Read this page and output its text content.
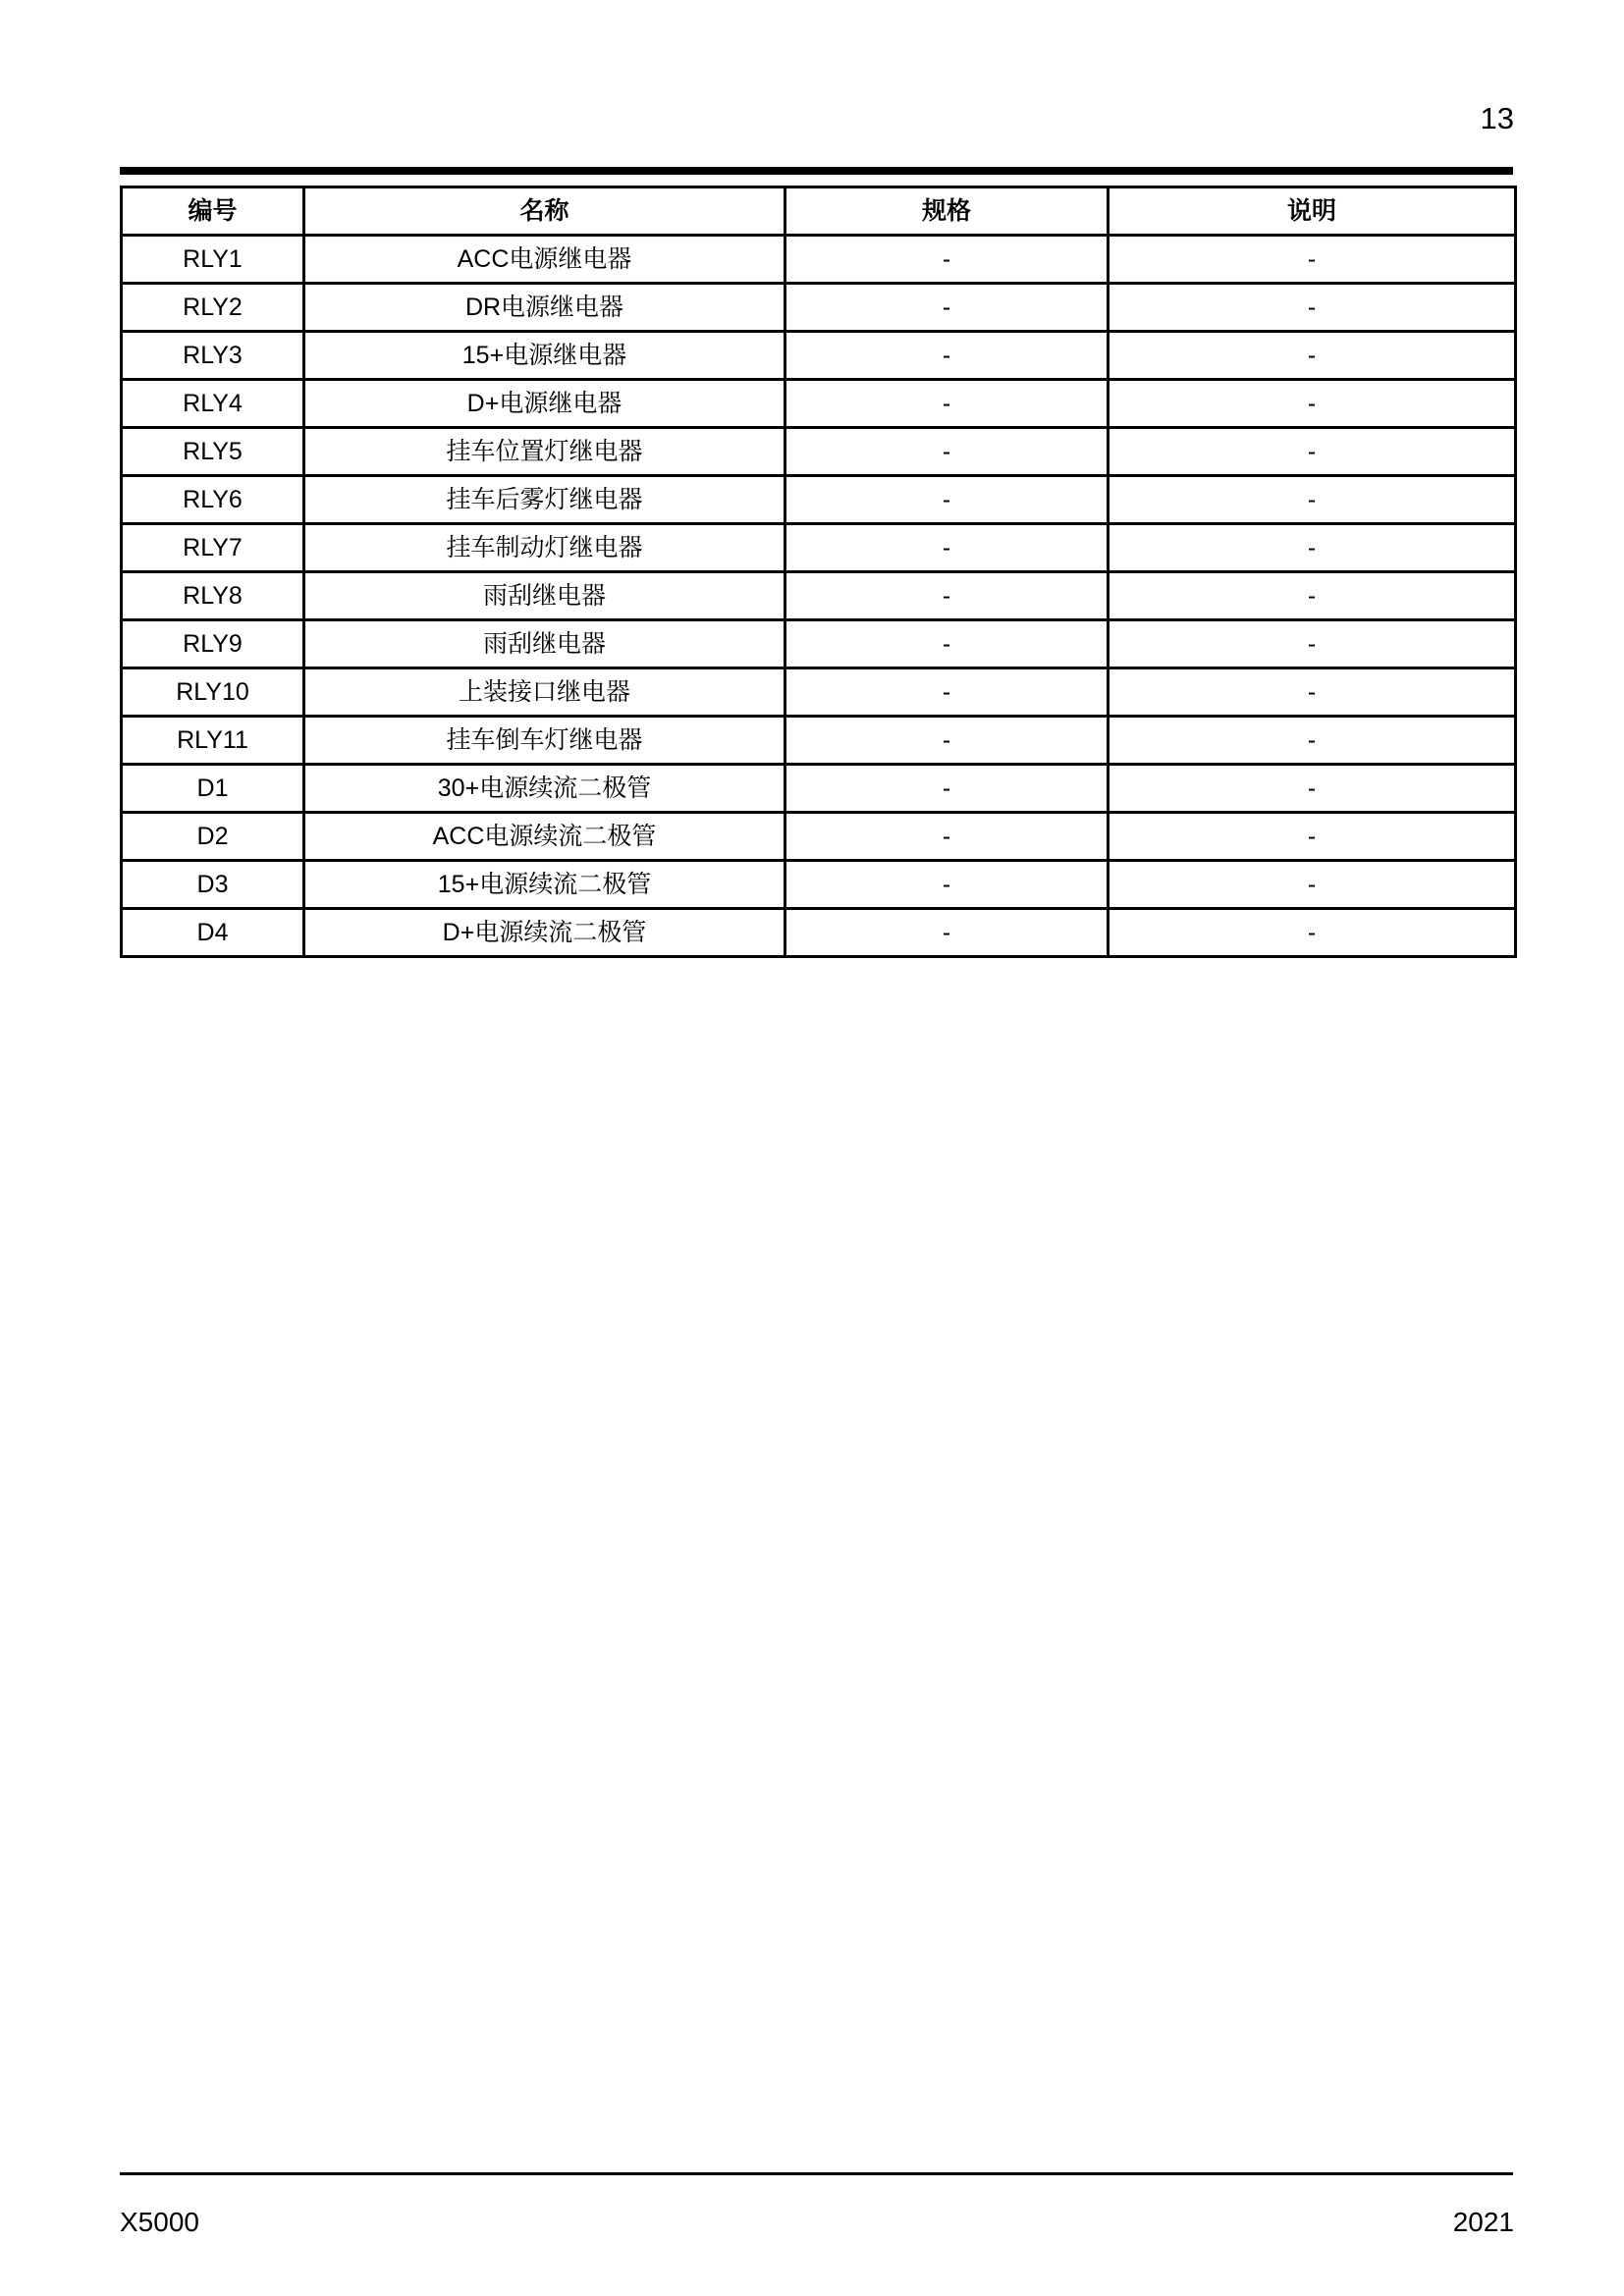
13
编号	名称	规格	说明
RLY1	ACC电源继电器	-	-
RLY2	DR电源继电器	-	-
RLY3	15+电源继电器	-	-
RLY4	D+电源继电器	-	-
RLY5	挂车位置灯继电器	-	-
RLY6	挂车后雾灯继电器	-	-
RLY7	挂车制动灯继电器	-	-
RLY8	雨刮继电器	-	-
RLY9	雨刮继电器	-	-
RLY10	上装接口继电器	-	-
RLY11	挂车倒车灯继电器	-	-
D1	30+电源续流二极管	-	-
D2	ACC电源续流二极管	-	-
D3	15+电源续流二极管	-	-
D4	D+电源续流二极管	-	-
X5000	2021
